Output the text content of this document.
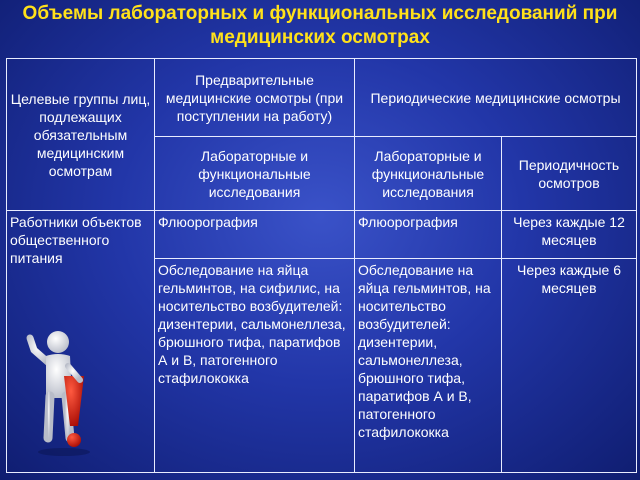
Объемы лабораторных и функциональных исследований при медицинских осмотрах
Целевые группы лиц, подлежащих обязательным медицинским осмотрам	Предварительные медицинские осмотры (при поступлении на работу)	Периодические медицинские осмотры	
	Лабораторные и функциональные исследования	Лабораторные и функциональные исследования	Периодичность осмотров
Работники объектов общественного питания	Флюорография	Флюорография	Через каждые 12 месяцев
	Обследование на яйца гельминтов, на сифилис, на носительство возбудителей: дизентерии, сальмонеллеза, брюшного тифа, паратифов А и В, патогенного стафилококка	Обследование на яйца гельминтов, на носительство возбудителей: дизентерии, сальмонеллеза, брюшного тифа, паратифов А и В, патогенного стафилококка	Через каждые 6 месяцев
